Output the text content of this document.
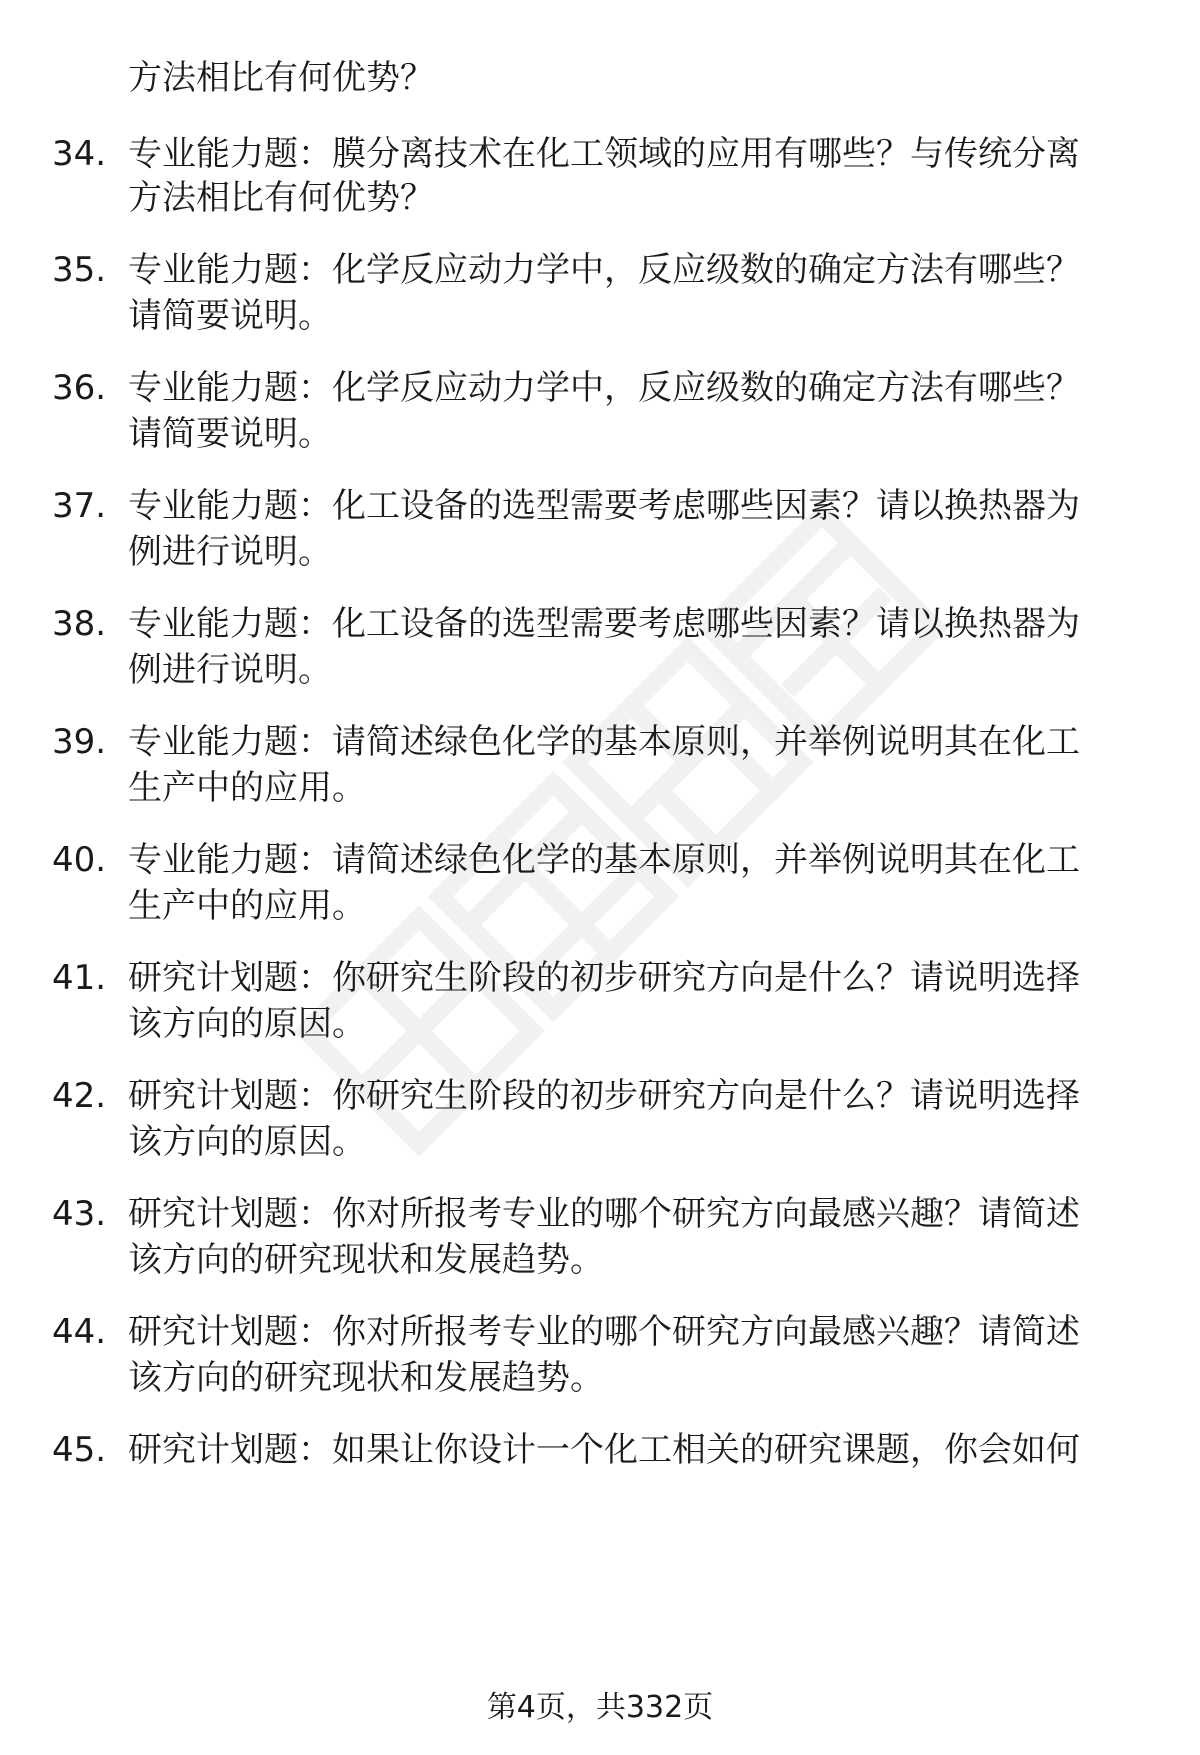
方法相比有何优势？
34. 专业能力题：膜分离技术在化工领域的应用有哪些？与传统分离
方法相比有何优势？
35. 专业能力题：化学反应动力学中，反应级数的确定方法有哪些？
请简要说明。
36. 专业能力题：化学反应动力学中，反应级数的确定方法有哪些？
请简要说明。
37. 专业能力题：化工设备的选型需要考虑哪些因素？请以换热器为
例进行说明。
38. 专业能力题：化工设备的选型需要考虑哪些因素？请以换热器为
例进行说明。
39. 专业能力题：请简述绿色化学的基本原则，并举例说明其在化工
生产中的应用。
40. 专业能力题：请简述绿色化学的基本原则，并举例说明其在化工
生产中的应用。
41. 研究计划题：你研究生阶段的初步研究方向是什么？请说明选择
该方向的原因。
42. 研究计划题：你研究生阶段的初步研究方向是什么？请说明选择
该方向的原因。
43. 研究计划题：你对所报考专业的哪个研究方向最感兴趣？请简述
该方向的研究现状和发展趋势。
44. 研究计划题：你对所报考专业的哪个研究方向最感兴趣？请简述
该方向的研究现状和发展趋势。
45. 研究计划题：如果让你设计一个化工相关的研究课题，你会如何
第4页，共332页
